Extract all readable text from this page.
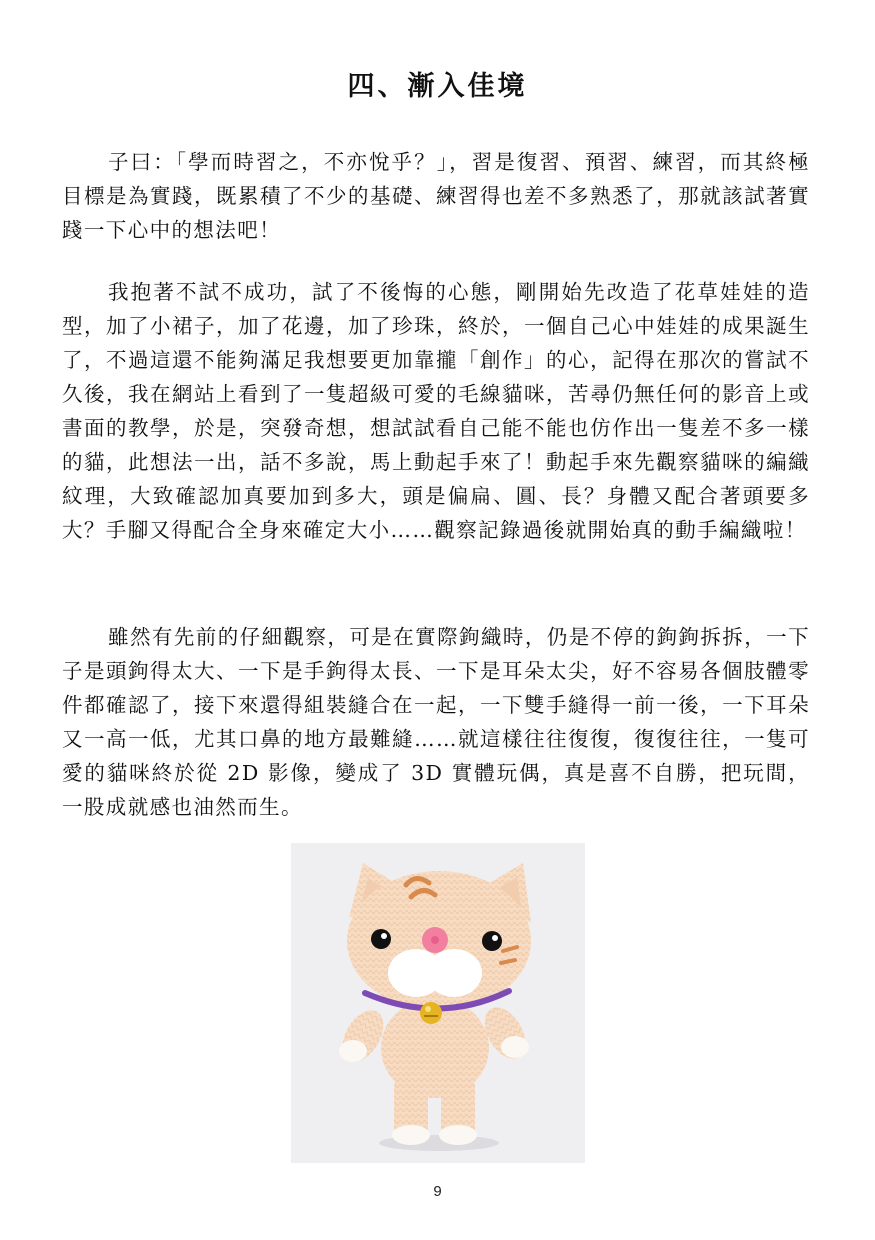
四、漸入佳境

子曰：「學而時習之，不亦悅乎？」，習是復習、預習、練習，而其終極目標是為實踐，既累積了不少的基礎、練習得也差不多熟悉了，那就該試著實踐一下心中的想法吧！

我抱著不試不成功，試了不後悔的心態，剛開始先改造了花草娃娃的造型，加了小裙子，加了花邊，加了珍珠，終於，一個自己心中娃娃的成果誕生了，不過這還不能夠滿足我想要更加靠攏「創作」的心，記得在那次的嘗試不久後，我在網站上看到了一隻超級可愛的毛線貓咪，苦尋仍無任何的影音上或書面的教學，於是，突發奇想，想試試看自己能不能也仿作出一隻差不多一樣的貓，此想法一出，話不多說，馬上動起手來了！動起手來先觀察貓咪的編織紋理，大致確認加真要加到多大，頭是偏扁、圓、長？身體又配合著頭要多大？手腳又得配合全身來確定大小……觀察記錄過後就開始真的動手編織啦！

雖然有先前的仔細觀察，可是在實際鉤織時，仍是不停的鉤鉤拆拆，一下子是頭鉤得太大、一下是手鉤得太長、一下是耳朵太尖，好不容易各個肢體零件都確認了，接下來還得組裝縫合在一起，一下雙手縫得一前一後，一下耳朵又一高一低，尤其口鼻的地方最難縫……就這樣往往復復，復復往往，一隻可愛的貓咪終於從 2D 影像，變成了 3D 實體玩偶，真是喜不自勝，把玩間，一股成就感也油然而生。

9
